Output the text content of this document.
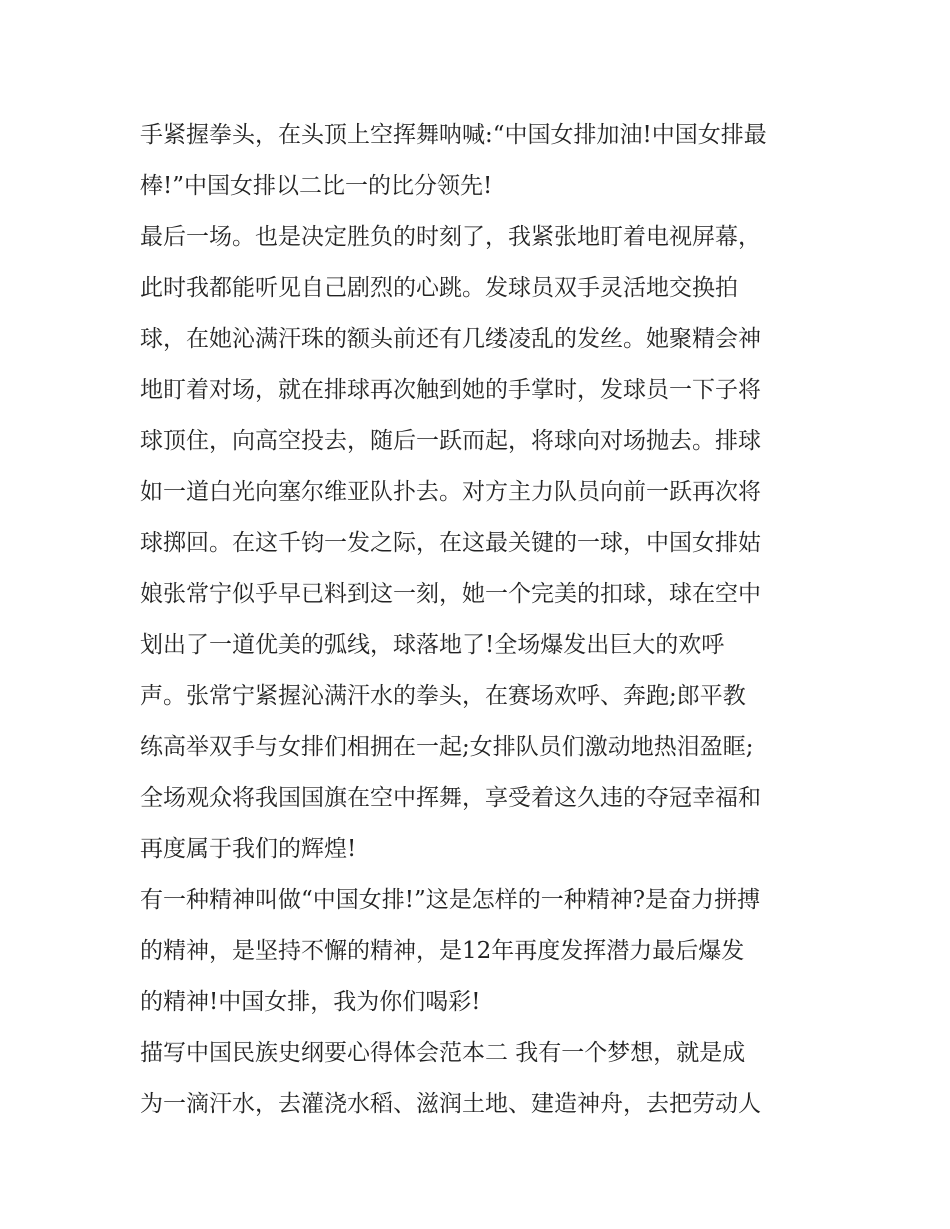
手紧握拳头，在头顶上空挥舞呐喊:“中国女排加油!中国女排最
棒!”中国女排以二比一的比分领先!
最后一场。也是决定胜负的时刻了，我紧张地盯着电视屏幕，
此时我都能听见自己剧烈的心跳。发球员双手灵活地交换拍
球，在她沁满汗珠的额头前还有几缕凌乱的发丝。她聚精会神
地盯着对场，就在排球再次触到她的手掌时，发球员一下子将
球顶住，向高空投去，随后一跃而起，将球向对场抛去。排球
如一道白光向塞尔维亚队扑去。对方主力队员向前一跃再次将
球掷回。在这千钧一发之际，在这最关键的一球，中国女排姑
娘张常宁似乎早已料到这一刻，她一个完美的扣球，球在空中
划出了一道优美的弧线，球落地了!全场爆发出巨大的欢呼
声。张常宁紧握沁满汗水的拳头，在赛场欢呼、奔跑;郎平教
练高举双手与女排们相拥在一起;女排队员们激动地热泪盈眶;
全场观众将我国国旗在空中挥舞，享受着这久违的夺冠幸福和
再度属于我们的辉煌!
有一种精神叫做“中国女排!”这是怎样的一种精神?是奋力拼搏
的精神，是坚持不懈的精神，是12年再度发挥潜力最后爆发
的精神!中国女排，我为你们喝彩!
描写中国民族史纲要心得体会范本二 我有一个梦想，就是成
为一滴汗水，去灌浇水稻、滋润土地、建造神舟，去把劳动人
